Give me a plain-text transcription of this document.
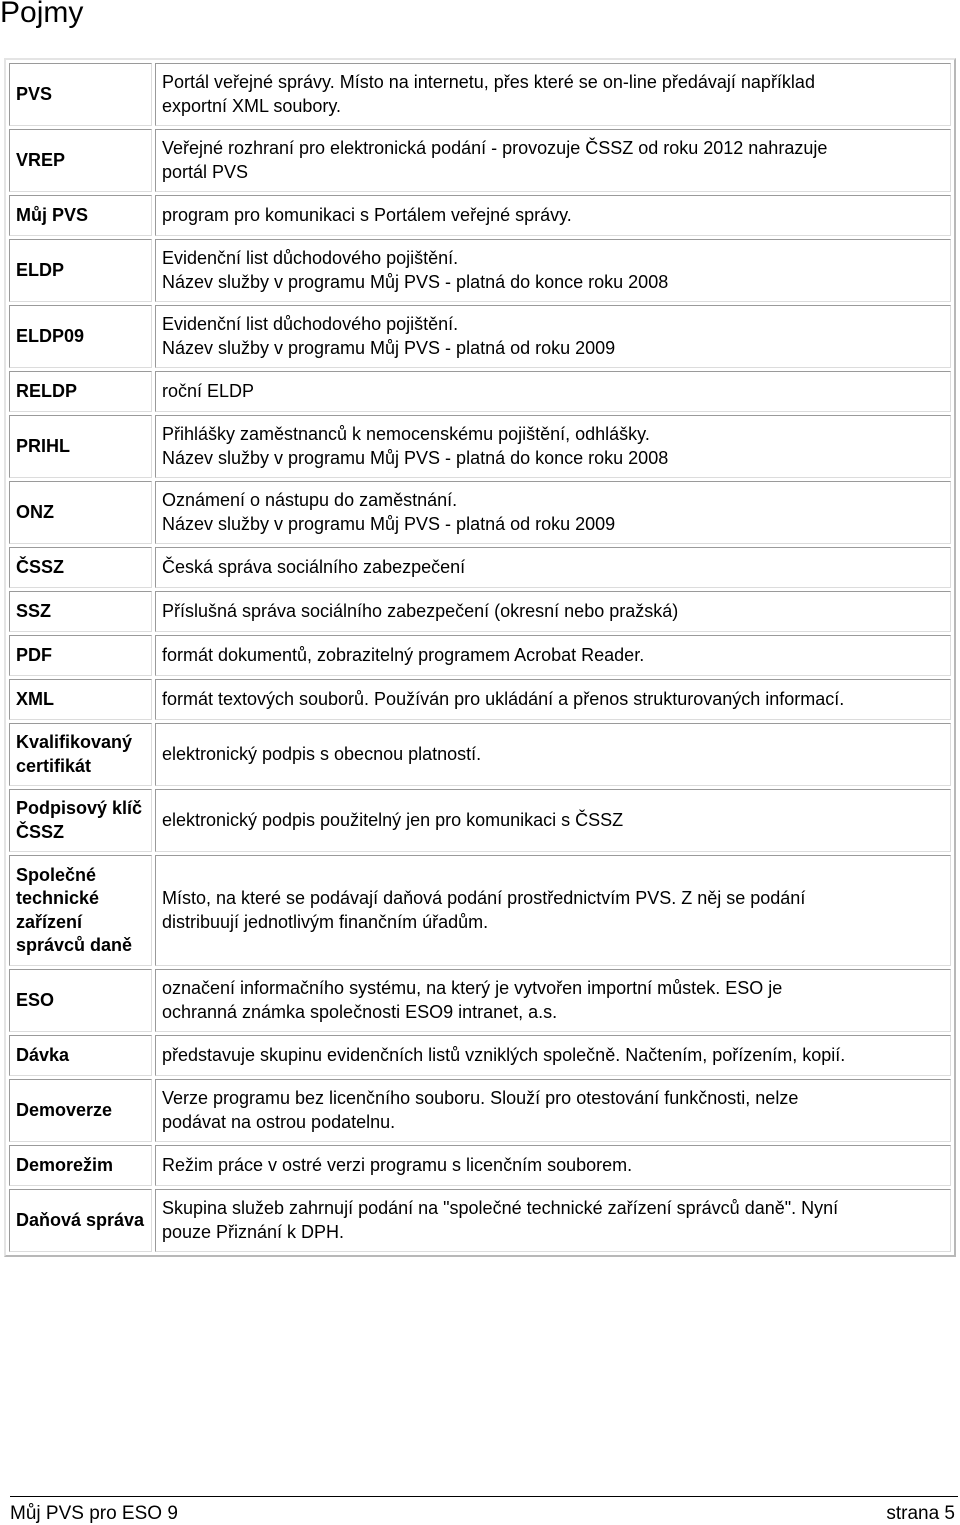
Pojmy
PVS	Portál veřejné správy. Místo na internetu, přes které se on-line předávají například
exportní XML soubory.

VREP	Veřejné rozhraní pro elektronická podání - provozuje ČSSZ od roku 2012 nahrazuje
portál PVS

Můj PVS	program pro komunikaci s Portálem veřejné správy.

ELDP	Evidenční list důchodového pojištění.
Název služby v programu Můj PVS - platná do konce roku 2008

ELDP09	Evidenční list důchodového pojištění.
Název služby v programu Můj PVS - platná od roku 2009

RELDP	roční ELDP

PRIHL	Přihlášky zaměstnanců k nemocenskému pojištění, odhlášky.
Název služby v programu Můj PVS - platná do konce roku 2008

ONZ	Oznámení o nástupu do zaměstnání.
Název služby v programu Můj PVS - platná od roku 2009

ČSSZ	Česká správa sociálního zabezpečení

SSZ	Příslušná správa sociálního zabezpečení (okresní nebo pražská)

PDF	formát dokumentů, zobrazitelný programem Acrobat Reader.

XML	formát textových souborů. Používán pro ukládání a přenos strukturovaných informací.

Kvalifikovaný certifikát	elektronický podpis s obecnou platností.

Podpisový klíč ČSSZ	elektronický podpis použitelný jen pro komunikaci s ČSSZ

Společné technické zařízení správců daně	Místo, na které se podávají daňová podání prostřednictvím PVS. Z něj se podání
distribuují jednotlivým finančním úřadům.

ESO	označení informačního systému, na který je vytvořen importní můstek. ESO je
ochranná známka společnosti ESO9 intranet, a.s.

Dávka	představuje skupinu evidenčních listů vzniklých společně. Načtením, pořízením, kopií.

Demoverze	Verze programu bez licenčního souboru. Slouží pro otestování funkčnosti, nelze
podávat na ostrou podatelnu.

Demorežim	Režim práce v ostré verzi programu s licenčním souborem.

Daňová správa	Skupina služeb zahrnují podání na "společné technické zařízení správců daně". Nyní
pouze Přiznání k DPH.
Můj PVS pro ESO 9	strana 5
